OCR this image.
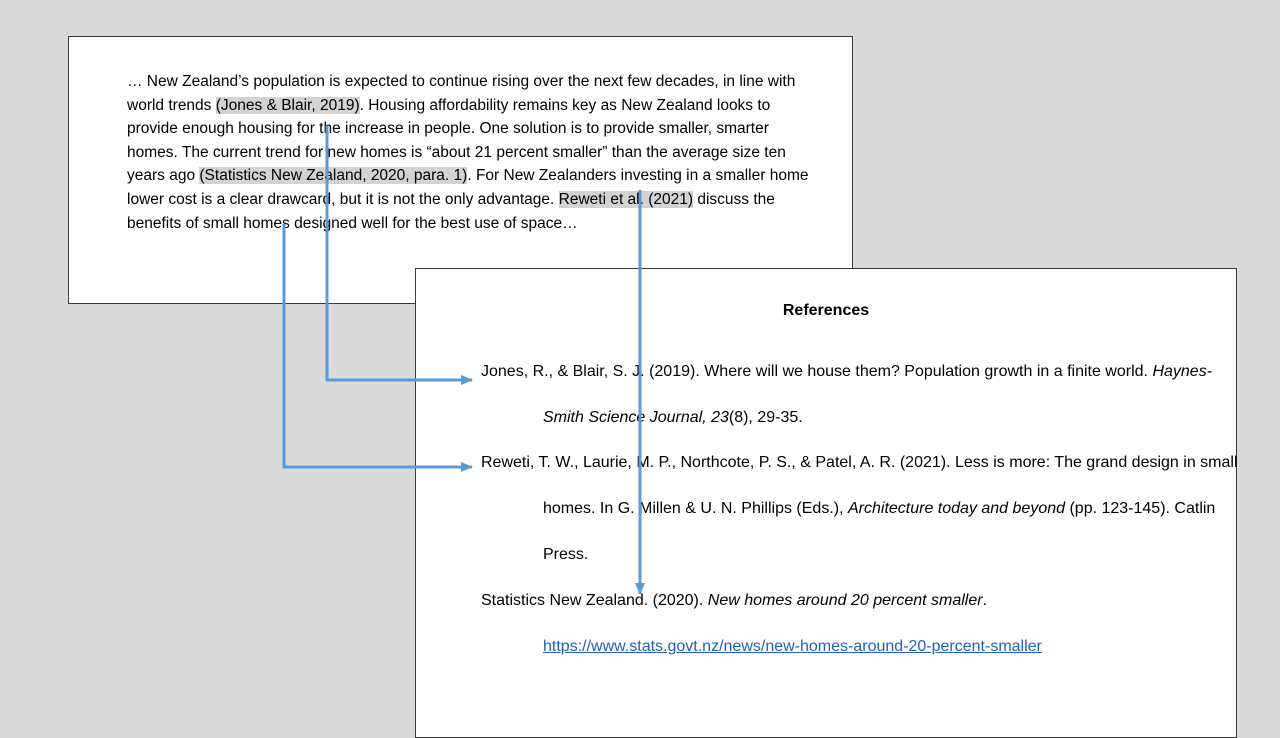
… New Zealand’s population is expected to continue rising over the next few decades, in line with world trends (Jones & Blair, 2019). Housing affordability remains key as New Zealand looks to provide enough housing for the increase in people. One solution is to provide smaller, smarter homes. The current trend for new homes is “about 21 percent smaller” than the average size ten years ago (Statistics New Zealand, 2020, para. 1). For New Zealanders investing in a smaller home lower cost is a clear drawcard, but it is not the only advantage. Reweti et al. (2021) discuss the benefits of small homes designed well for the best use of space…

References

Jones, R., & Blair, S. J. (2019). Where will we house them? Population growth in a finite world. Haynes-Smith Science Journal, 23(8), 29-35.

Reweti, T. W., Laurie, M. P., Northcote, P. S., & Patel, A. R. (2021). Less is more: The grand design in small homes. In G. Millen & U. N. Phillips (Eds.), Architecture today and beyond (pp. 123-145). Catlin Press.

Statistics New Zealand. (2020). New homes around 20 percent smaller. https://www.stats.govt.nz/news/new-homes-around-20-percent-smaller
